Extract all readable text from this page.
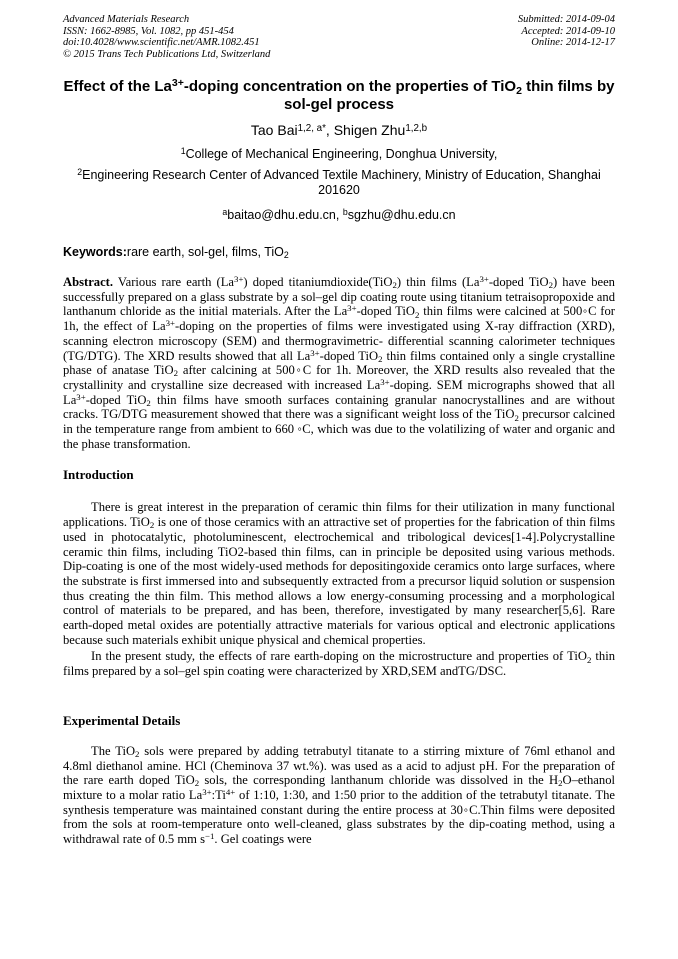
Advanced Materials Research
ISSN: 1662-8985, Vol. 1082, pp 451-454
doi:10.4028/www.scientific.net/AMR.1082.451
© 2015 Trans Tech Publications Ltd, Switzerland
Submitted: 2014-09-04
Accepted: 2014-09-10
Online: 2014-12-17
Effect of the $La^{3+}$-doping concentration on the properties of TiO$_2$ thin films by sol-gel process
Tao Bai$^{1,2, a*}$, Shigen Zhu$^{1,2,b}$
$^1$College of Mechanical Engineering, Donghua University,
$^2$Engineering Research Center of Advanced Textile Machinery, Ministry of Education, Shanghai 201620
$^a$baitao@dhu.edu.cn, $^b$sgzhu@dhu.edu.cn
Keywords:rare earth, sol-gel, films, TiO$_2$
Abstract. Various rare earth $(La^{3+})$ doped titaniumdioxide(TiO$_2$) thin films ($La^{3+}$-doped TiO$_2$) have been successfully prepared on a glass substrate by a sol–gel dip coating route using titanium tetraisopropoxide and lanthanum chloride as the initial materials. After the $La^{3+}$-doped TiO$_2$ thin films were calcined at 500◦C for 1h, the effect of $La^{3+}$-doping on the properties of films were investigated using X-ray diffraction (XRD), scanning electron microscopy (SEM) and thermogravimetric- differential scanning calorimeter techniques (TG/DTG). The XRD results showed that all $La^{3+}$-doped TiO$_2$ thin films contained only a single crystalline phase of anatase TiO$_2$ after calcining at 500◦C for 1h. Moreover, the XRD results also revealed that the crystallinity and crystalline size decreased with increased $La^{3+}$-doping. SEM micrographs showed that all $La^{3+}$-doped TiO$_2$ thin films have smooth surfaces containing granular nanocrystallines and are without cracks. TG/DTG measurement showed that there was a significant weight loss of the TiO$_2$ precursor calcined in the temperature range from ambient to 660 ◦C, which was due to the volatilizing of water and organic and the phase transformation.
Introduction
There is great interest in the preparation of ceramic thin films for their utilization in many functional applications. TiO$_2$ is one of those ceramics with an attractive set of properties for the fabrication of thin films used in photocatalytic, photoluminescent, electrochemical and tribological devices[1-4].Polycrystalline ceramic thin films, including TiO2-based thin films, can in principle be deposited using various methods. Dip-coating is one of the most widely-used methods for depositingoxide ceramics onto large surfaces, where the substrate is first immersed into and subsequently extracted from a precursor liquid solution or suspension thus creating the thin film. This method allows a low energy-consuming processing and a morphological control of materials to be prepared, and has been, therefore, investigated by many researcher[5,6]. Rare earth-doped metal oxides are potentially attractive materials for various optical and electronic applications because such materials exhibit unique physical and chemical properties.
In the present study, the effects of rare earth-doping on the microstructure and properties of TiO$_2$ thin films prepared by a sol–gel spin coating were characterized by XRD,SEM andTG/DSC.
Experimental Details
The TiO$_2$ sols were prepared by adding tetrabutyl titanate to a stirring mixture of 76ml ethanol and 4.8ml diethanol amine. HCl (Cheminova 37 wt.%). was used as a acid to adjust pH. For the preparation of the rare earth doped TiO$_2$ sols, the corresponding lanthanum chloride was dissolved in the $H_2O$–ethanol mixture to a molar ratio $La^{3+}:Ti^{4+}$ of 1:10, 1:30, and 1:50 prior to the addition of the tetrabutyl titanate. The synthesis temperature was maintained constant during the entire process at 30◦C.Thin films were deposited from the sols at room-temperature onto well-cleaned, glass substrates by the dip-coating method, using a withdrawal rate of 0.5 mm $s^{-1}$. Gel coatings were
